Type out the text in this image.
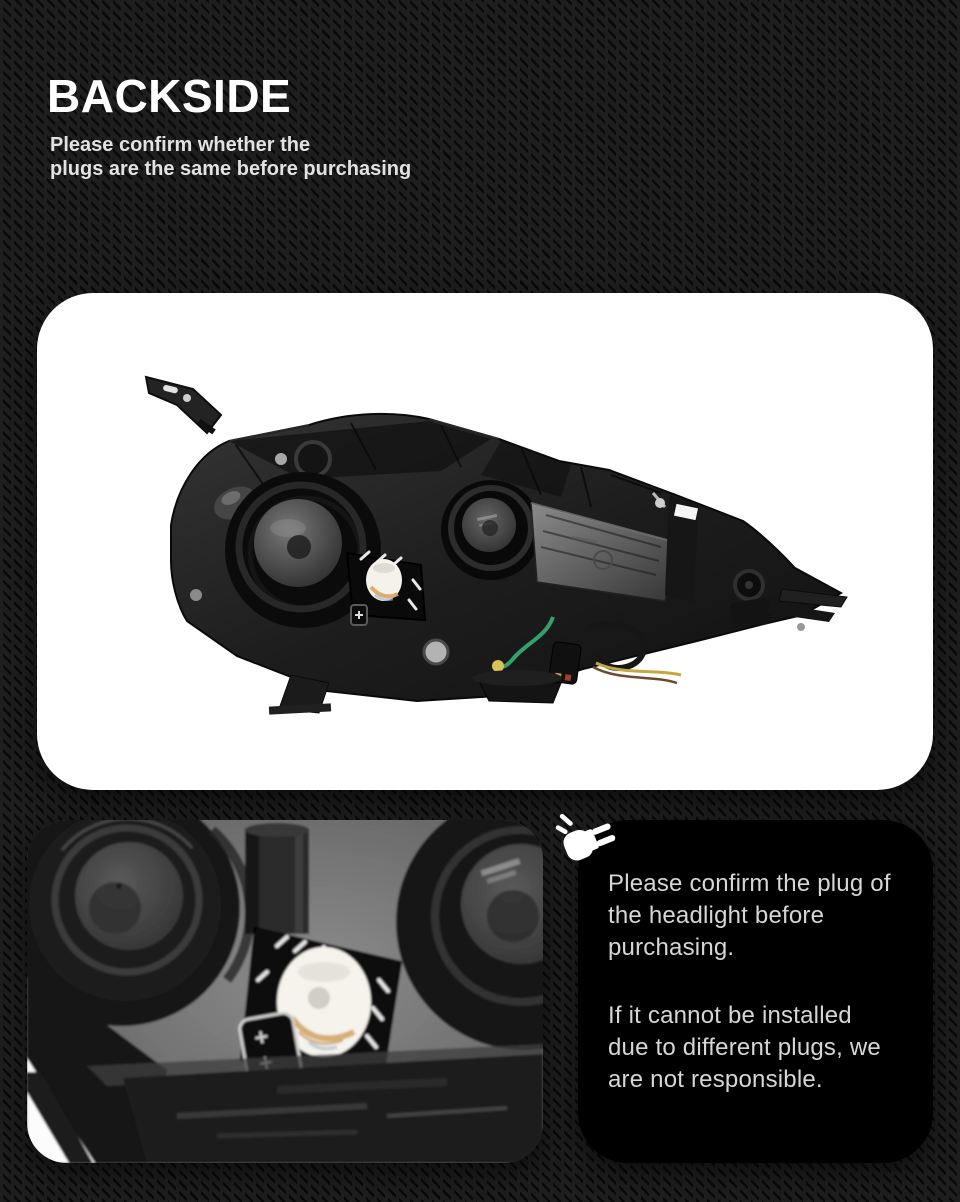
BACKSIDE
Please confirm whether the
plugs are the same before purchasing
Please confirm the plug of
the headlight before
purchasing.
If it cannot be installed
due to different plugs, we
are not responsible.
